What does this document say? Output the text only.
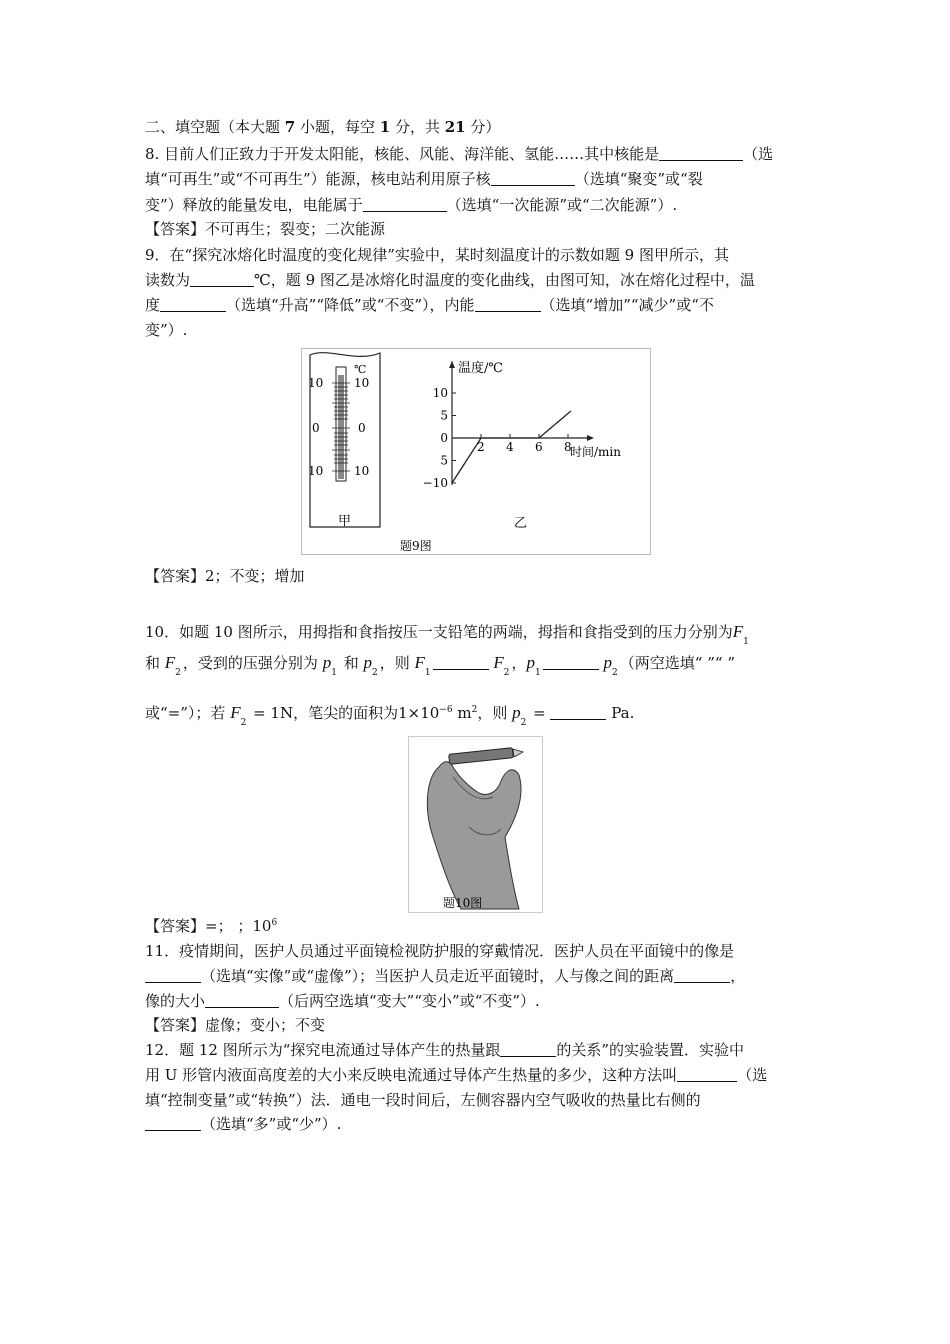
二、填空题（本大题 7 小题，每空 1 分，共 21 分）
8. 目前人们正致力于开发太阳能，核能、风能、海洋能、氢能……其中核能是	（选
填“可再生”或“不可再生”）能源，核电站利用原子核	（选填“聚变”或“裂
变”）释放的能量发电，电能属于	（选填“一次能源”或“二次能源”）.
【答案】不可再生；裂变；二次能源
9．在“探究冰熔化时温度的变化规律”实验中，某时刻温度计的示数如题 9 图甲所示，其
读数为	℃，题 9 图乙是冰熔化时温度的变化曲线，由图可知，冰在熔化过程中，温
度	（选填“升高”“降低”或“不变”），内能	（选填“增加”“减少”或“不
变”）.
℃
10
0
10
10
0
10
甲
温度/℃
时间/min
2 4 6 8
10
5
0
5
−10
乙
题9图
【答案】2；不变；增加
10．如题 10 图所示，用拇指和食指按压一支铅笔的两端，拇指和食指受到的压力分别为$F_1$
和 $F_2$，受到的压强分别为 $p_1$ 和 $p_2$，则 $F_1$ $F_2$，$p_1$ $p_2$（两空选填“ ”“ ”
或“=”）；若 $F_2 = 1N$，笔尖的面积为$1\times 10^{-6}$ $m^2$，则 $p_2$ =	Pa.
题10图
【答案】=； ；$10^6$
11．疫情期间，医护人员通过平面镜检视防护服的穿戴情况．医护人员在平面镜中的像是
（选填“实像”或“虚像”）；当医护人员走近平面镜时，人与像之间的距离	，
像的大小	（后两空选填“变大”“变小”或“不变”）.
【答案】虚像；变小；不变
12．题 12 图所示为“探究电流通过导体产生的热量跟	的关系”的实验装置．实验中
用 U 形管内液面高度差的大小来反映电流通过导体产生热量的多少，这种方法叫	（选
填“控制变量”或“转换”）法．通电一段时间后，左侧容器内空气吸收的热量比右侧的
（选填“多”或“少”）.
